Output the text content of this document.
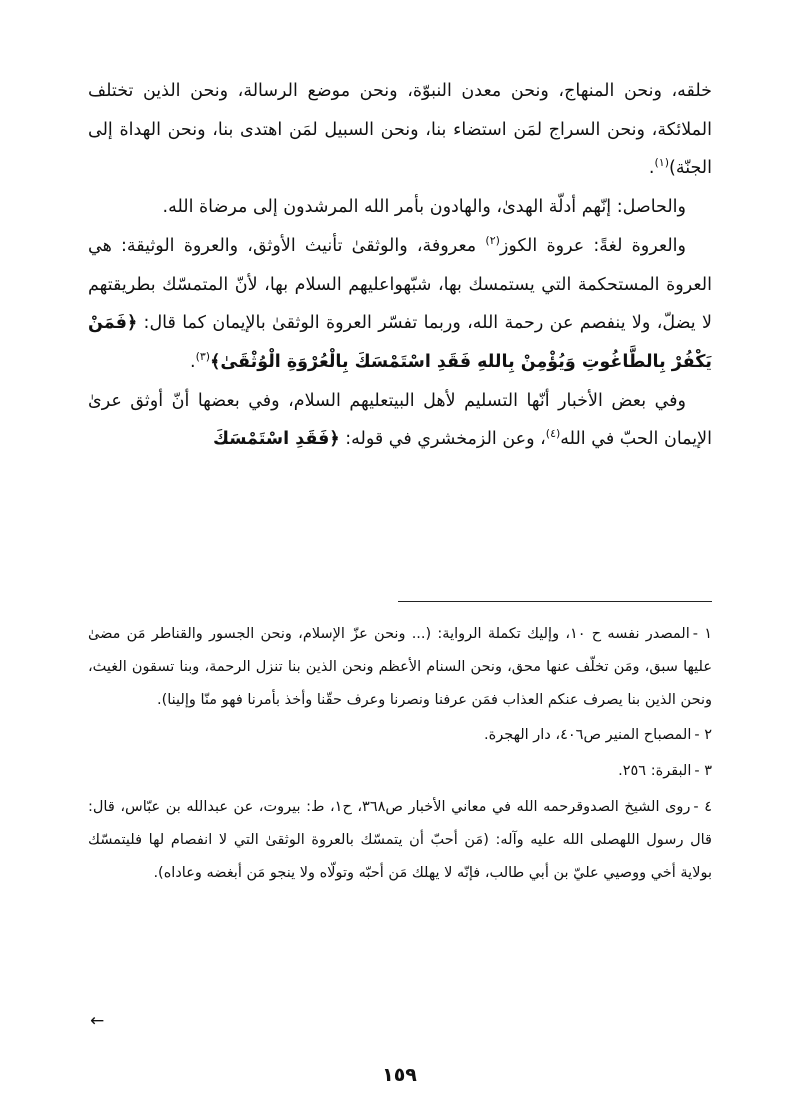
خلقه، ونحن المنهاج، ونحن معدن النبوّة، ونحن موضع الرسالة، ونحن الذين تختلف الملائكة، ونحن السراج لمَن استضاء بنا، ونحن السبيل لمَن اهتدى بنا، ونحن الهداة إلى الجنّة)$^{(١)}$.

والحاصل: إنّهم أدلّة الهدىٰ، والهادون بأمر الله المرشدون إلى مرضاة الله.

والعروة لغةً: عروة الكوز$^{(٢)}$ معروفة، والوثقىٰ تأنيث الأوثق، والعروة الوثيقة: هي العروة المستحكمة التي يستمسك بها، شبّهواعليهم السلام بها، لأنّ المتمسّك بطريقتهم لا يضلّ، ولا ينفصم عن رحمة الله، وربما تفسّر العروة الوثقىٰ بالإيمان كما قال: ﴿فَمَنْ يَكْفُرْ بِالطَّاغُوتِ وَيُؤْمِنْ بِاللهِ فَقَدِ اسْتَمْسَكَ بِالْعُرْوَةِ الْوُثْقَىٰ﴾$^{(٣)}$.

وفي بعض الأخبار أنّها التسليم لأهل البيتعليهم السلام، وفي بعضها أنّ أوثق عرىٰ الإيمان الحبّ في الله$^{(٤)}$، وعن الزمخشري في قوله: ﴿فَقَدِ اسْتَمْسَكَ

١ -المصدر نفسه ح ١٠، وإليك تكملة الرواية: (... ونحن عزّ الإسلام، ونحن الجسور والقناطر مَن مضىٰ عليها سبق، ومَن تخلّف عنها محق، ونحن السنام الأعظم ونحن الذين بنا تنزل الرحمة، وبنا تسقون الغيث، ونحن الذين بنا يصرف عنكم العذاب فمَن عرفنا ونصرنا وعرف حقّنا وأخذ بأمرنا فهو منّا وإلينا).

٢ -المصباح المنير ص٤٠٦، دار الهجرة.

٣ -البقرة: ٢٥٦.

٤ -روى الشيخ الصدوقرحمه الله في معاني الأخبار ص٣٦٨، ح١، ط: بيروت، عن عبدالله بن عبّاس، قال: قال رسول اللهصلى الله عليه وآله: (مَن أحبّ أن يتمسّك بالعروة الوثقىٰ التي لا انفصام لها فليتمسّك بولاية أخي ووصيي عليّ بن أبي طالب، فإنّه لا يهلك مَن أحبّه وتولّاه ولا ينجو مَن أبغضه وعاداه).

←
١٥٩
